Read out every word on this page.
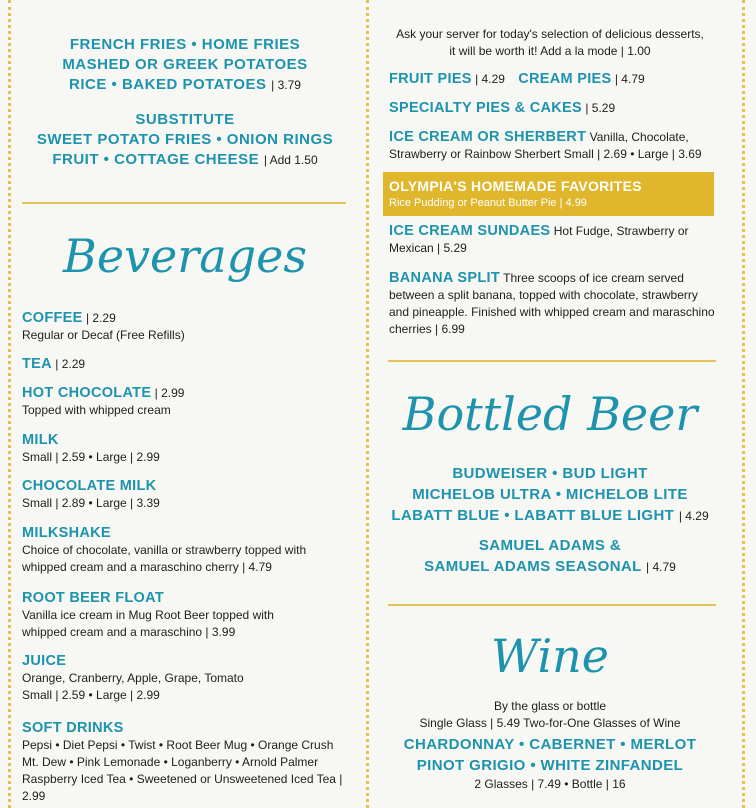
FRENCH FRIES • HOME FRIES
MASHED OR GREEK POTATOES
RICE • BAKED POTATOES | 3.79
SUBSTITUTE
SWEET POTATO FRIES • ONION RINGS
FRUIT • COTTAGE CHEESE | Add 1.50
Beverages
COFFEE | 2.29
Regular or Decaf (Free Refills)
TEA | 2.29
HOT CHOCOLATE | 2.99
Topped with whipped cream
MILK
Small | 2.59 • Large | 2.99
CHOCOLATE MILK
Small | 2.89 • Large | 3.39
MILKSHAKE
Choice of chocolate, vanilla or strawberry topped with
whipped cream and a maraschino cherry | 4.79
ROOT BEER FLOAT
Vanilla ice cream in Mug Root Beer topped with
whipped cream and a maraschino | 3.99
JUICE
Orange, Cranberry, Apple, Grape, Tomato
Small | 2.59 • Large | 2.99
SOFT DRINKS
Pepsi • Diet Pepsi • Twist • Root Beer Mug • Orange Crush
Mt. Dew • Pink Lemonade • Loganberry • Arnold Palmer
Raspberry Iced Tea • Sweetened or Unsweetened Iced Tea | 2.99
Ask your server for today's selection of delicious desserts,
it will be worth it! Add a la mode | 1.00
FRUIT PIES | 4.29 CREAM PIES | 4.79
SPECIALTY PIES & CAKES | 5.29
ICE CREAM OR SHERBERT Vanilla, Chocolate, Strawberry or Rainbow Sherbert Small | 2.69 • Large | 3.69
OLYMPIA'S HOMEMADE FAVORITES
Rice Pudding or Peanut Butter Pie | 4.99
ICE CREAM SUNDAES Hot Fudge, Strawberry or Mexican | 5.29
BANANA SPLIT Three scoops of ice cream served between a split banana, topped with chocolate, strawberry and pineapple. Finished with whipped cream and maraschino cherries | 6.99
Bottled Beer
BUDWEISER • BUD LIGHT
MICHELOB ULTRA • MICHELOB LITE
LABATT BLUE • LABATT BLUE LIGHT | 4.29
SAMUEL ADAMS &
SAMUEL ADAMS SEASONAL | 4.79
Wine
By the glass or bottle
Single Glass | 5.49 Two-for-One Glasses of Wine
CHARDONNAY • CABERNET • MERLOT
PINOT GRIGIO • WHITE ZINFANDEL
2 Glasses | 7.49 • Bottle | 16
